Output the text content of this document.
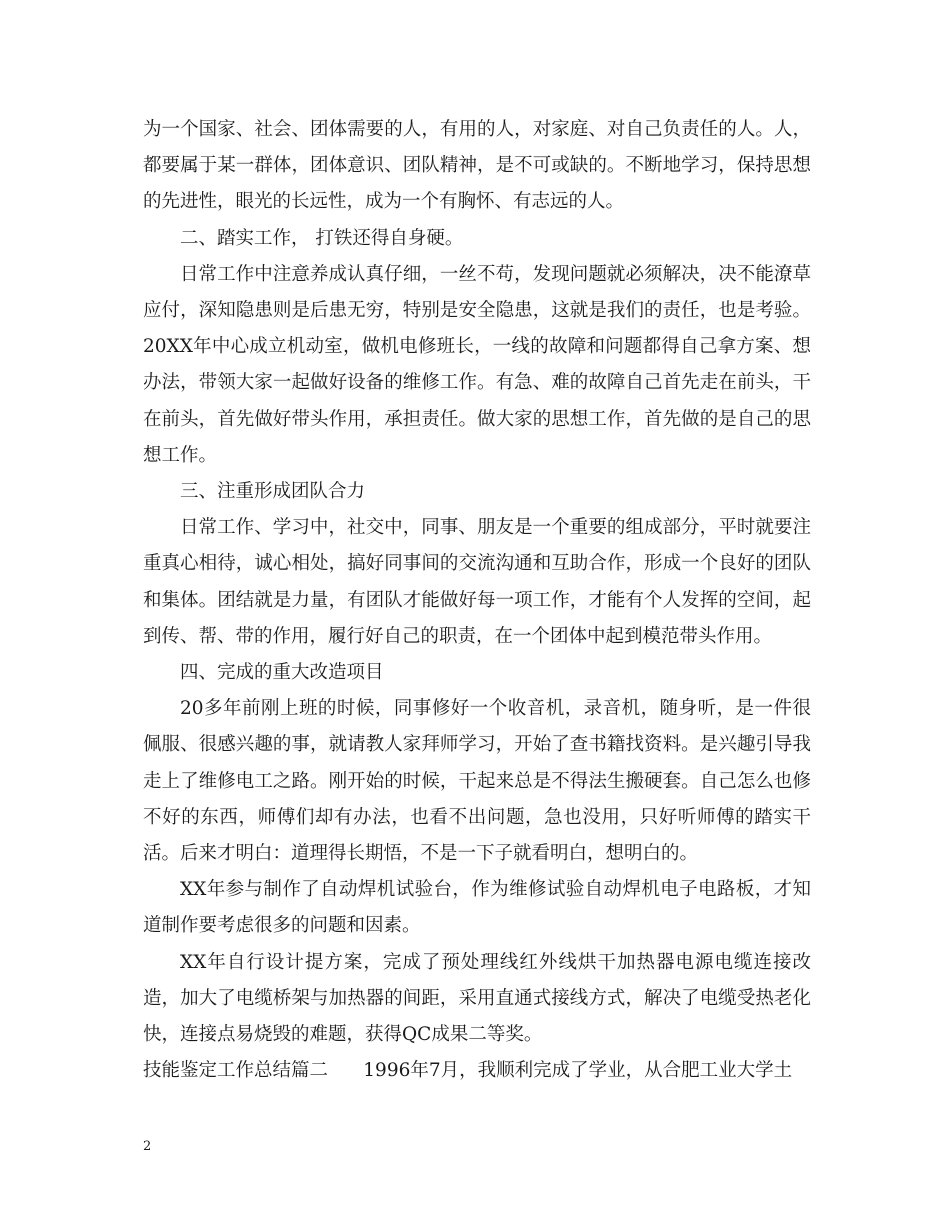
为一个国家、社会、团体需要的人，有用的人，对家庭、对自己负责任的人。人，都要属于某一群体，团体意识、团队精神，是不可或缺的。不断地学习，保持思想的先进性，眼光的长远性，成为一个有胸怀、有志远的人。

二、踏实工作， 打铁还得自身硬。

日常工作中注意养成认真仔细，一丝不苟，发现问题就必须解决，决不能潦草应付，深知隐患则是后患无穷，特别是安全隐患，这就是我们的责任，也是考验。20XX年中心成立机动室，做机电修班长，一线的故障和问题都得自己拿方案、想办法，带领大家一起做好设备的维修工作。有急、难的故障自己首先走在前头，干在前头，首先做好带头作用，承担责任。做大家的思想工作，首先做的是自己的思想工作。

三、注重形成团队合力

日常工作、学习中，社交中，同事、朋友是一个重要的组成部分，平时就要注重真心相待，诚心相处，搞好同事间的交流沟通和互助合作，形成一个良好的团队和集体。团结就是力量，有团队才能做好每一项工作，才能有个人发挥的空间，起到传、帮、带的作用，履行好自己的职责，在一个团体中起到模范带头作用。

四、完成的重大改造项目

20多年前刚上班的时候，同事修好一个收音机，录音机，随身听，是一件很佩服、很感兴趣的事，就请教人家拜师学习，开始了查书籍找资料。是兴趣引导我走上了维修电工之路。刚开始的时候，干起来总是不得法生搬硬套。自己怎么也修不好的东西，师傅们却有办法，也看不出问题，急也没用，只好听师傅的踏实干活。后来才明白：道理得长期悟，不是一下子就看明白，想明白的。

XX年参与制作了自动焊机试验台，作为维修试验自动焊机电子电路板，才知道制作要考虑很多的问题和因素。

XX年自行设计提方案，完成了预处理线红外线烘干加热器电源电缆连接改造，加大了电缆桥架与加热器的间距，采用直通式接线方式，解决了电缆受热老化快，连接点易烧毁的难题，获得QC成果二等奖。

技能鉴定工作总结篇二      1996年7月，我顺利完成了学业，从合肥工业大学土

2
